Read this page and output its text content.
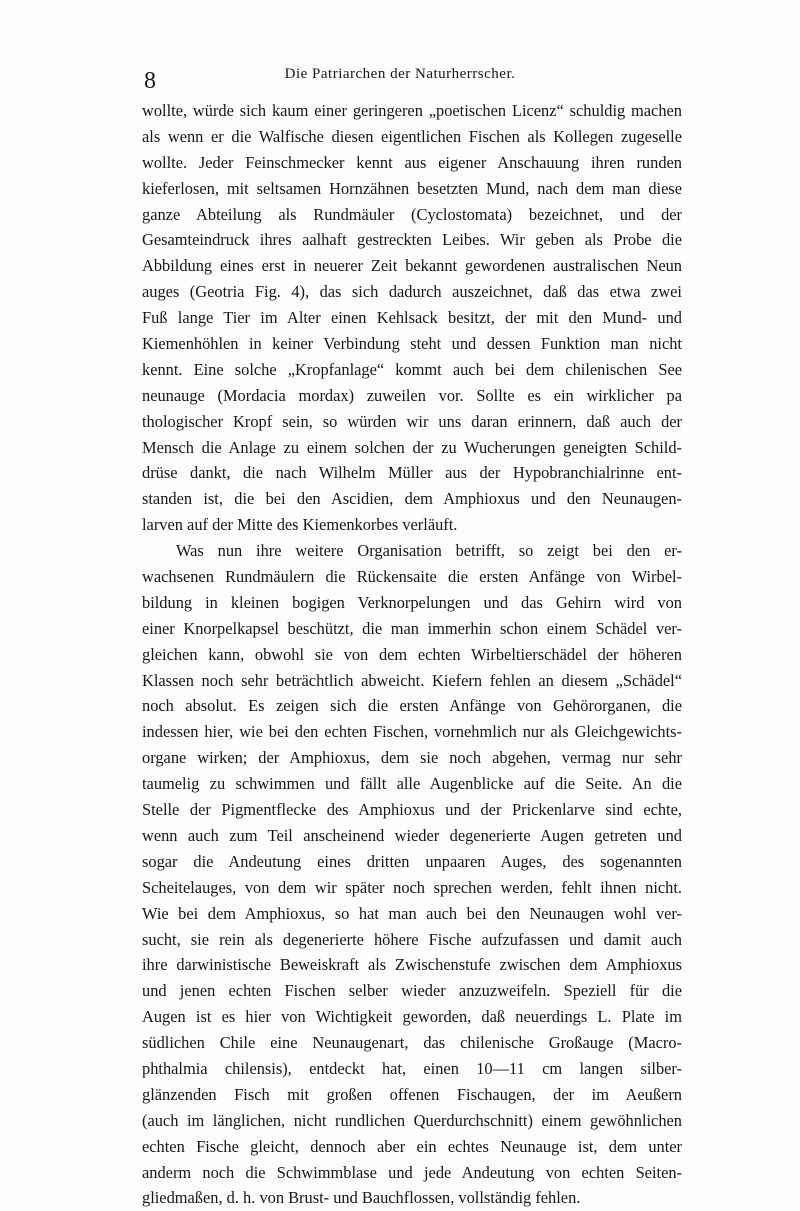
8	Die Patriarchen der Naturherrscher.
wollte, würde sich kaum einer geringeren „poetischen Licenz“ schuldig machen
als wenn er die Walfische diesen eigentlichen Fischen als Kollegen zugeselle
wollte. Jeder Feinschmecker kennt aus eigener Anschauung ihren runden
kieferlosen, mit seltsamen Hornzähnen besetzten Mund, nach dem man diese
ganze Abteilung als Rundmäuler (Cyclostomata) bezeichnet, und der
Gesamteindruck ihres aalhaft gestreckten Leibes. Wir geben als Probe die
Abbildung eines erst in neuerer Zeit bekannt gewordenen australischen Neun
auges (Geotria Fig. 4), das sich dadurch auszeichnet, daß das etwa zwei
Fuß lange Tier im Alter einen Kehlsack besitzt, der mit den Mund- und
Kiemenhöhlen in keiner Verbindung steht und dessen Funktion man nicht
kennt. Eine solche „Kropfanlage“ kommt auch bei dem chilenischen See
neunauge (Mordacia mordax) zuweilen vor. Sollte es ein wirklicher pa
thologischer Kropf sein, so würden wir uns daran erinnern, daß auch der
Mensch die Anlage zu einem solchen der zu Wucherungen geneigten Schild-
drüse dankt, die nach Wilhelm Müller aus der Hypobranchialrinne ent-
standen ist, die bei den Ascidien, dem Amphioxus und den Neunaugen-
larven auf der Mitte des Kiemenkorbes verläuft.
Was nun ihre weitere Organisation betrifft, so zeigt bei den er-
wachsenen Rundmäulern die Rückensaite die ersten Anfänge von Wirbel-
bildung in kleinen bogigen Verknorpelungen und das Gehirn wird von
einer Knorpelkapsel beschützt, die man immerhin schon einem Schädel ver-
gleichen kann, obwohl sie von dem echten Wirbeltierschädel der höheren
Klassen noch sehr beträchtlich abweicht. Kiefern fehlen an diesem „Schädel“
noch absolut. Es zeigen sich die ersten Anfänge von Gehörorganen, die
indessen hier, wie bei den echten Fischen, vornehmlich nur als Gleichgewichts-
organe wirken; der Amphioxus, dem sie noch abgehen, vermag nur sehr
taumelig zu schwimmen und fällt alle Augenblicke auf die Seite. An die
Stelle der Pigmentflecke des Amphioxus und der Prickenlarve sind echte,
wenn auch zum Teil anscheinend wieder degenerierte Augen getreten und
sogar die Andeutung eines dritten unpaaren Auges, des sogenannten
Scheitelauges, von dem wir später noch sprechen werden, fehlt ihnen nicht.
Wie bei dem Amphioxus, so hat man auch bei den Neunaugen wohl ver-
sucht, sie rein als degenerierte höhere Fische aufzufassen und damit auch
ihre darwinistische Beweiskraft als Zwischenstufe zwischen dem Amphioxus
und jenen echten Fischen selber wieder anzuzweifeln. Speziell für die
Augen ist es hier von Wichtigkeit geworden, daß neuerdings L. Plate im
südlichen Chile eine Neunaugenart, das chilenische Großauge (Macro-
phthalmia chilensis), entdeckt hat, einen 10—11 cm langen silber-
glänzenden Fisch mit großen offenen Fischaugen, der im Aeußern
(auch im länglichen, nicht rundlichen Querdurchschnitt) einem gewöhnlichen
echten Fische gleicht, dennoch aber ein echtes Neunauge ist, dem unter
anderm noch die Schwimmblase und jede Andeutung von echten Seiten-
gliedmaßen, d. h. von Brust- und Bauchflossen, vollständig fehlen.
